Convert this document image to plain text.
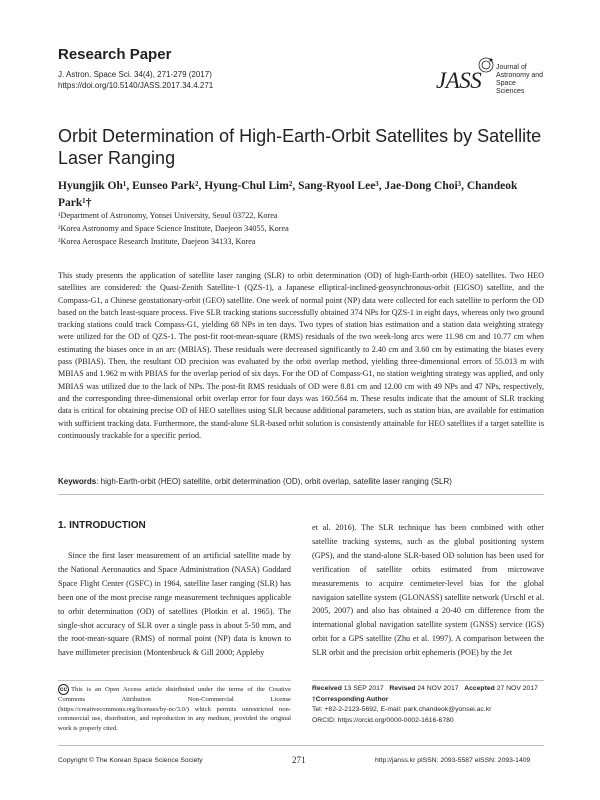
Research Paper
J. Astron. Space Sci. 34(4), 271-279 (2017)
https://doi.org/10.5140/JASS.2017.34.4.271	JASS
Journal of
Astronomy and
Space Sciences
Orbit Determination of High-Earth-Orbit Satellites by Satellite Laser Ranging
Hyungjik Oh¹, Eunseo Park², Hyung-Chul Lim², Sang-Ryool Lee³, Jae-Dong Choi³, Chandeok Park¹†
¹Department of Astronomy, Yonsei University, Seoul 03722, Korea
²Korea Astronomy and Space Science Institute, Daejeon 34055, Korea
³Korea Aerospace Research Institute, Daejeon 34133, Korea
This study presents the application of satellite laser ranging (SLR) to orbit determination (OD) of high-Earth-orbit (HEO) satellites. Two HEO satellites are considered: the Quasi-Zenith Satellite-1 (QZS-1), a Japanese elliptical-inclined-geosynchronous-orbit (EIGSO) satellite, and the Compass-G1, a Chinese geostationary-orbit (GEO) satellite. One week of normal point (NP) data were collected for each satellite to perform the OD based on the batch least-square process. Five SLR tracking stations successfully obtained 374 NPs for QZS-1 in eight days, whereas only two ground tracking stations could track Compass-G1, yielding 68 NPs in ten days. Two types of station bias estimation and a station data weighting strategy were utilized for the OD of QZS-1. The post-fit root-mean-square (RMS) residuals of the two week-long arcs were 11.98 cm and 10.77 cm when estimating the biases once in an arc (MBIAS). These residuals were decreased significantly to 2.40 cm and 3.60 cm by estimating the biases every pass (PBIAS). Then, the resultant OD precision was evaluated by the orbit overlap method, yielding three-dimensional errors of 55.013 m with MBIAS and 1.962 m with PBIAS for the overlap period of six days. For the OD of Compass-G1, no station weighting strategy was applied, and only MBIAS was utilized due to the lack of NPs. The post-fit RMS residuals of OD were 8.81 cm and 12.00 cm with 49 NPs and 47 NPs, respectively, and the corresponding three-dimensional orbit overlap error for four days was 160.564 m. These results indicate that the amount of SLR tracking data is critical for obtaining precise OD of HEO satellites using SLR because additional parameters, such as station bias, are available for estimation with sufficient tracking data. Furthermore, the stand-alone SLR-based orbit solution is consistently attainable for HEO satellites if a target satellite is continuously trackable for a specific period.
Keywords: high-Earth-orbit (HEO) satellite, orbit determination (OD), orbit overlap, satellite laser ranging (SLR)
1. INTRODUCTION
Since the first laser measurement of an artificial satellite made by the National Aeronautics and Space Administration (NASA) Goddard Space Flight Center (GSFC) in 1964, satellite laser ranging (SLR) has been one of the most precise range measurement techniques applicable to orbit determination (OD) of satellites (Plotkin et al. 1965). The single-shot accuracy of SLR over a single pass is about 5-50 mm, and the root-mean-square (RMS) of normal point (NP) data is known to have millimeter precision (Montenbruck & Gill 2000; Appleby
et al. 2016). The SLR technique has been combined with other satellite tracking systems, such as the global positioning system (GPS), and the stand-alone SLR-based OD solution has been used for verification of satellite orbits estimated from microwave measurements to acquire centimeter-level bias for the global navigaion satellite system (GLONASS) satellite network (Urschl et al. 2005, 2007) and also has obtained a 20-40 cm difference from the international global navigation satellite system (GNSS) service (IGS) orbit for a GPS satellite (Zhu et al. 1997). A comparison between the SLR orbit and the precision orbit ephemeris (POE) by the Jet
cc This is an Open Access article distributed under the terms of the Creative Commons Attribution Non-Commercial License (https://creativecommons.org/licenses/by-nc/3.0/) which permits unrestricted non-commercial use, distribution, and reproduction in any medium, provided the original work is properly cited.
Received 13 SEP 2017 Revised 24 NOV 2017 Accepted 27 NOV 2017
†Corresponding Author
Tel: +82-2-2123-5692, E-mail: park.chandeok@yonsei.ac.kr
ORCID: https://orcid.org/0000-0002-1616-6780
Copyright © The Korean Space Science Society	271	http://janss.kr plSSN: 2093-5587 elSSN: 2093-1409
